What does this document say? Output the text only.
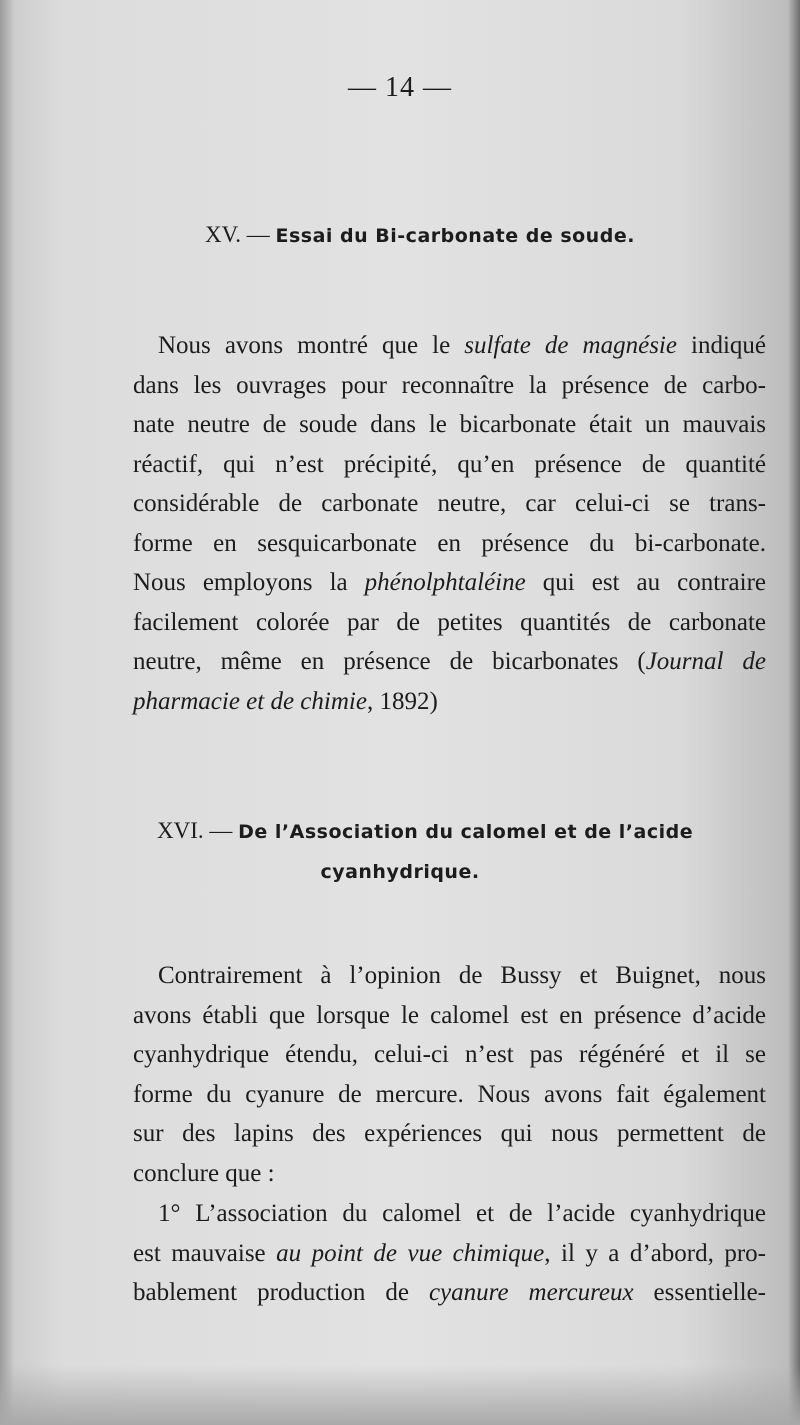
— 14 —
XV. — Essai du Bi-carbonate de soude.
Nous avons montré que le sulfate de magnésie indiqué
dans les ouvrages pour reconnaître la présence de carbo-
nate neutre de soude dans le bicarbonate était un mauvais
réactif, qui n’est précipité, qu’en présence de quantité
considérable de carbonate neutre, car celui-ci se trans-
forme en sesquicarbonate en présence du bi-carbonate.
Nous employons la phénolphtaléine qui est au contraire
facilement colorée par de petites quantités de carbonate
neutre, même en présence de bicarbonates (Journal de
pharmacie et de chimie, 1892)
XVI. — De l’Association du calomel et de l’acide
cyanhydrique.
Contrairement à l’opinion de Bussy et Buignet, nous
avons établi que lorsque le calomel est en présence d’acide
cyanhydrique étendu, celui-ci n’est pas régénéré et il se
forme du cyanure de mercure. Nous avons fait également
sur des lapins des expériences qui nous permettent de
conclure que :
1° L’association du calomel et de l’acide cyanhydrique
est mauvaise au point de vue chimique, il y a d’abord, pro-
bablement production de cyanure mercureux essentielle-
